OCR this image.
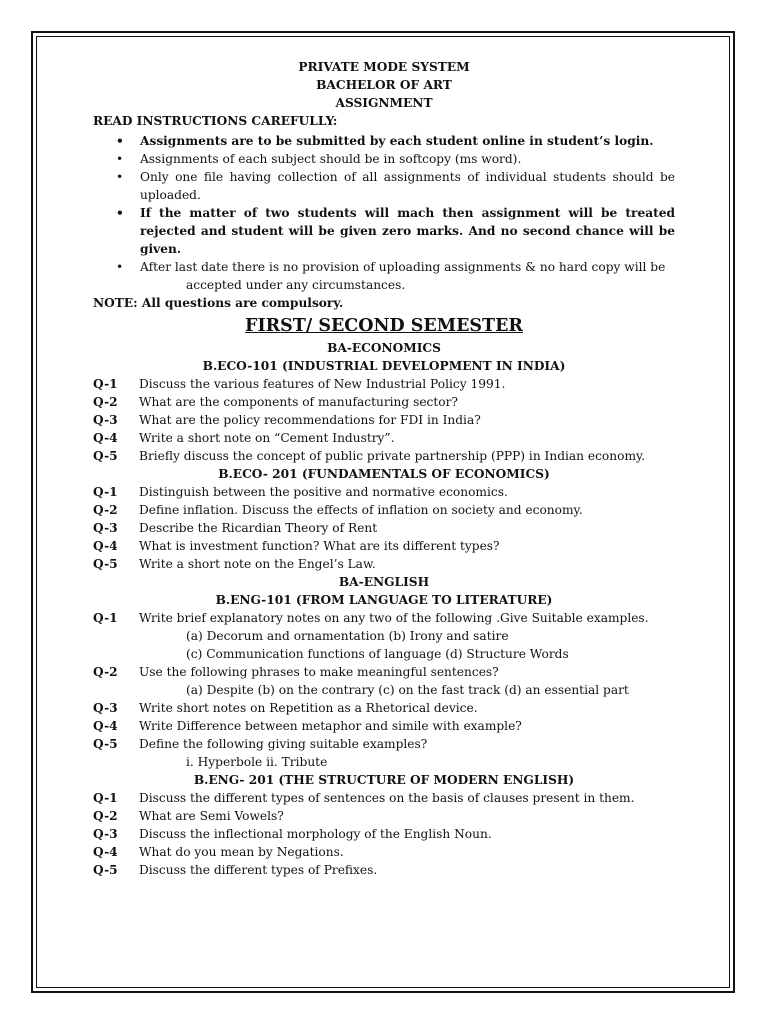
PRIVATE MODE SYSTEM
BACHELOR OF ART
ASSIGNMENT
READ INSTRUCTIONS CAREFULLY:
• Assignments are to be submitted by each student online in student’s login.
• Assignments of each subject should be in softcopy (ms word).
• Only one file having collection of all assignments of individual students should be uploaded.
• If the matter of two students will mach then assignment will be treated rejected and student will be given zero marks. And no second chance will be given.
• After last date there is no provision of uploading assignments & no hard copy will be
accepted under any circumstances.
NOTE: All questions are compulsory.
FIRST/ SECOND SEMESTER
BA-ECONOMICS
B.ECO-101 (INDUSTRIAL DEVELOPMENT IN INDIA)
Q-1	Discuss the various features of New Industrial Policy 1991.
Q-2	What are the components of manufacturing sector?
Q-3	What are the policy recommendations for FDI in India?
Q-4	Write a short note on “Cement Industry”.
Q-5	Briefly discuss the concept of public private partnership (PPP) in Indian economy.
B.ECO- 201 (FUNDAMENTALS OF ECONOMICS)
Q-1	Distinguish between the positive and normative economics.
Q-2	Define inflation. Discuss the effects of inflation on society and economy.
Q-3	Describe the Ricardian Theory of Rent
Q-4	What is investment function? What are its different types?
Q-5	Write a short note on the Engel’s Law.
BA-ENGLISH
B.ENG-101 (FROM LANGUAGE TO LITERATURE)
Q-1	Write brief explanatory notes on any two of the following .Give Suitable examples.
(a) Decorum and ornamentation (b) Irony and satire
(c) Communication functions of language (d) Structure Words
Q-2	Use the following phrases to make meaningful sentences?
(a) Despite (b) on the contrary (c) on the fast track (d) an essential part
Q-3	Write short notes on Repetition as a Rhetorical device.
Q-4	Write Difference between metaphor and simile with example?
Q-5	Define the following giving suitable examples?
i. Hyperbole ii. Tribute
B.ENG- 201 (THE STRUCTURE OF MODERN ENGLISH)
Q-1	Discuss the different types of sentences on the basis of clauses present in them.
Q-2	What are Semi Vowels?
Q-3	Discuss the inflectional morphology of the English Noun.
Q-4	What do you mean by Negations.
Q-5	Discuss the different types of Prefixes.
